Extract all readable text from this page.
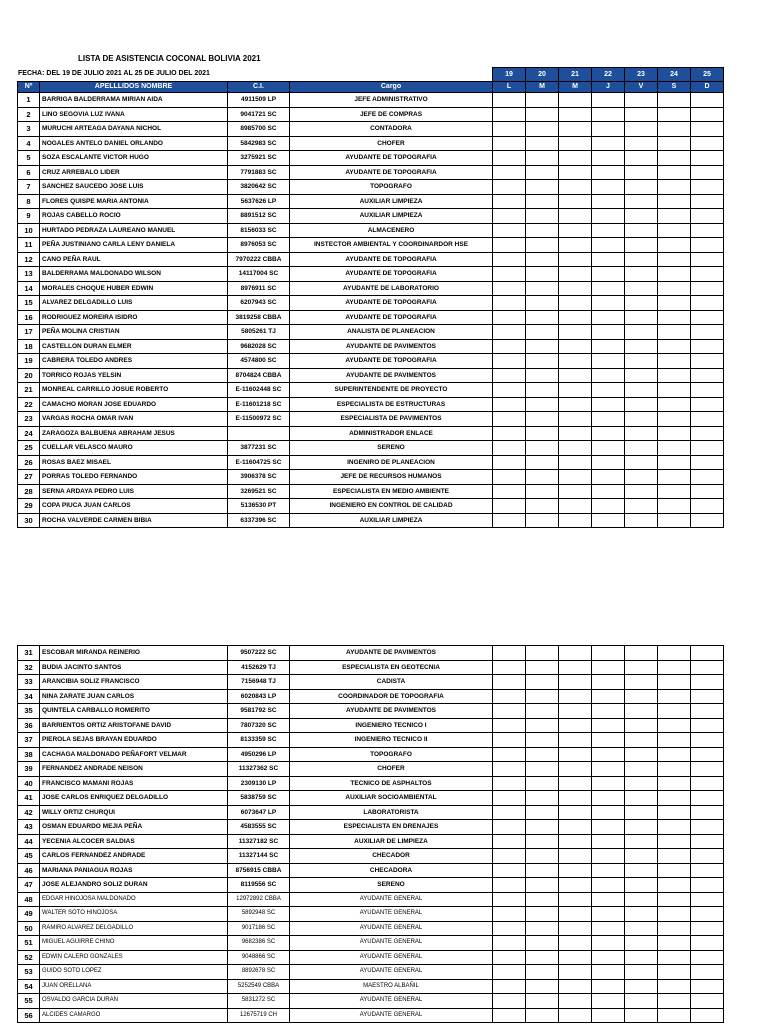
LISTA DE ASISTENCIA COCONAL BOLIVIA 2021
FECHA: DEL 19 DE JULIO 2021 AL 25 DE JULIO DEL 2021
					19	20	21	22	23	24	25
Nº	APELLLIDOS NOMBRE	C.I.	Cargo	L	M	M	J	V	S	D
1	BARRIGA BALDERRAMA MIRIAN AIDA	4911509 LP	JEFE ADMINISTRATIVO							
2	LINO SEGOVIA LUZ IVANA	9041721 SC	JEFE DE COMPRAS							
3	MURUCHI ARTEAGA DAYANA NICHOL	8985700 SC	CONTADORA							
4	NOGALES ANTELO DANIEL ORLANDO	5842983 SC	CHOFER							
5	SOZA ESCALANTE VICTOR HUGO	3275921 SC	AYUDANTE DE TOPOGRAFIA							
6	CRUZ ARREBALO LIDER	7791883 SC	AYUDANTE DE TOPOGRAFIA							
7	SANCHEZ SAUCEDO JOSE LUIS	3820642 SC	TOPOGRAFO							
8	FLORES QUISPE MARIA ANTONIA	5637626 LP	AUXILIAR LIMPIEZA							
9	ROJAS CABELLO ROCIO	8891512 SC	AUXILIAR LIMPIEZA							
10	HURTADO PEDRAZA LAUREANO MANUEL	8156033 SC	ALMACENERO							
11	PEÑA JUSTINIANO CARLA LENY DANIELA	8976053 SC	INSTECTOR AMBIENTAL Y COORDINARDOR HSE							
12	CANO PEÑA RAUL	7970222 CBBA	AYUDANTE DE TOPOGRAFIA							
13	BALDERRAMA MALDONADO WILSON	14117004 SC	AYUDANTE DE TOPOGRAFIA							
14	MORALES CHOQUE HUBER EDWIN	8976911 SC	AYUDANTE DE LABORATORIO							
15	ALVAREZ DELGADILLO LUIS	6207943 SC	AYUDANTE DE TOPOGRAFIA							
16	RODRIGUEZ MOREIRA ISIDRO	3819258 CBBA	AYUDANTE DE TOPOGRAFIA							
17	PEÑA MOLINA CRISTIAN	5805261 TJ	ANALISTA DE PLANEACION							
18	CASTELLON DURAN ELMER	9682028 SC	AYUDANTE DE PAVIMENTOS							
19	CABRERA TOLEDO ANDRES	4574800 SC	AYUDANTE DE TOPOGRAFIA							
20	TORRICO ROJAS YELSIN	8704824 CBBA	AYUDANTE DE PAVIMENTOS							
21	MONREAL CARRILLO JOSUE ROBERTO	E-11602448 SC	SUPERINTENDENTE DE PROYECTO							
22	CAMACHO MORAN JOSE EDUARDO	E-11601218 SC	ESPECIALISTA DE ESTRUCTURAS							
23	VARGAS ROCHA OMAR IVAN	E-11500972 SC	ESPECIALISTA DE PAVIMENTOS							
24	ZARAGOZA BALBUENA ABRAHAM JESUS		ADMINISTRADOR ENLACE							
25	CUELLAR VELASCO MAURO	3877231 SC	SERENO							
26	ROSAS BAEZ MISAEL	E-11604725 SC	INGENIRO DE PLANEACION							
27	PORRAS TOLEDO FERNANDO	3906378 SC	JEFE DE RECURSOS HUMANOS							
28	SERNA ARDAYA PEDRO LUIS	3269521 SC	ESPECIALISTA EN MEDIO AMBIENTE							
29	COPA PIUCA JUAN CARLOS	5136530 PT	INGENIERO EN CONTROL DE CALIDAD							
30	ROCHA VALVERDE CARMEN BIBIA	6337396 SC	AUXILIAR LIMPIEZA							
31	ESCOBAR MIRANDA REINERIO	9507222 SC	AYUDANTE DE PAVIMENTOS							
32	BUDIA JACINTO SANTOS	4152629 TJ	ESPECIALISTA EN GEOTECNIA							
33	ARANCIBIA SOLIZ FRANCISCO	7156948 TJ	CADISTA							
34	NINA ZARATE JUAN CARLOS	6020843 LP	COORDINADOR DE TOPOGRAFIA							
35	QUINTELA CARBALLO ROMERITO	9581792 SC	AYUDANTE DE PAVIMENTOS							
36	BARRIENTOS ORTIZ ARISTOFANE DAVID	7807320 SC	INGENIERO TECNICO I							
37	PIEROLA SEJAS BRAYAN EDUARDO	8133359 SC	INGENIERO TECNICO II							
38	CACHAGA MALDONADO PEÑAFORT VELMAR	4950296 LP	TOPOGRAFO							
39	FERNANDEZ ANDRADE NEISON	11327362 SC	CHOFER							
40	FRANCISCO MAMANI ROJAS	2309130 LP	TECNICO DE ASPHALTOS							
41	JOSE CARLOS ENRIQUEZ DELGADILLO	5838759 SC	AUXILIAR SOCIOAMBIENTAL							
42	WILLY ORTIZ CHURQUI	6073647 LP	LABORATORISTA							
43	OSMAN EDUARDO MEJIA PEÑA	4583555 SC	ESPECIALISTA EN DRENAJES							
44	YECENIA ALCOCER SALDIAS	11327182 SC	AUXILIAR DE LIMPIEZA							
45	CARLOS FERNANDEZ ANDRADE	11327144 SC	CHECADOR							
46	MARIANA PANIAGUA ROJAS	8756915 CBBA	CHECADORA							
47	JOSE ALEJANDRO SOLIZ DURAN	8119556 SC	SERENO							
48	EDGAR HINOJOSA MALDONADO	12972892 CBBA	AYUDANTE GENERAL							
49	WALTER SOTO HINOJOSA	5892948 SC	AYUDANTE GENERAL							
50	RAMIRO ALVAREZ DELGADILLO	9017186 SC	AYUDANTE GENERAL							
51	MIGUEL AGUIRRE CHINO	9682386 SC	AYUDANTE GENERAL							
52	EDWIN CALERO GONZALES	9048866 SC	AYUDANTE GENERAL							
53	GUIDO SOTO LOPEZ	8892678 SC	AYUDANTE GENERAL							
54	JUAN ORELLANA	5252549 CBBA	MAESTRO ALBAÑIL							
55	OSVALDO GARCIA DURAN	5831272 SC	AYUDANTE GENERAL							
56	ALCIDES CAMARGO	12675719 CH	AYUDANTE GENERAL							
